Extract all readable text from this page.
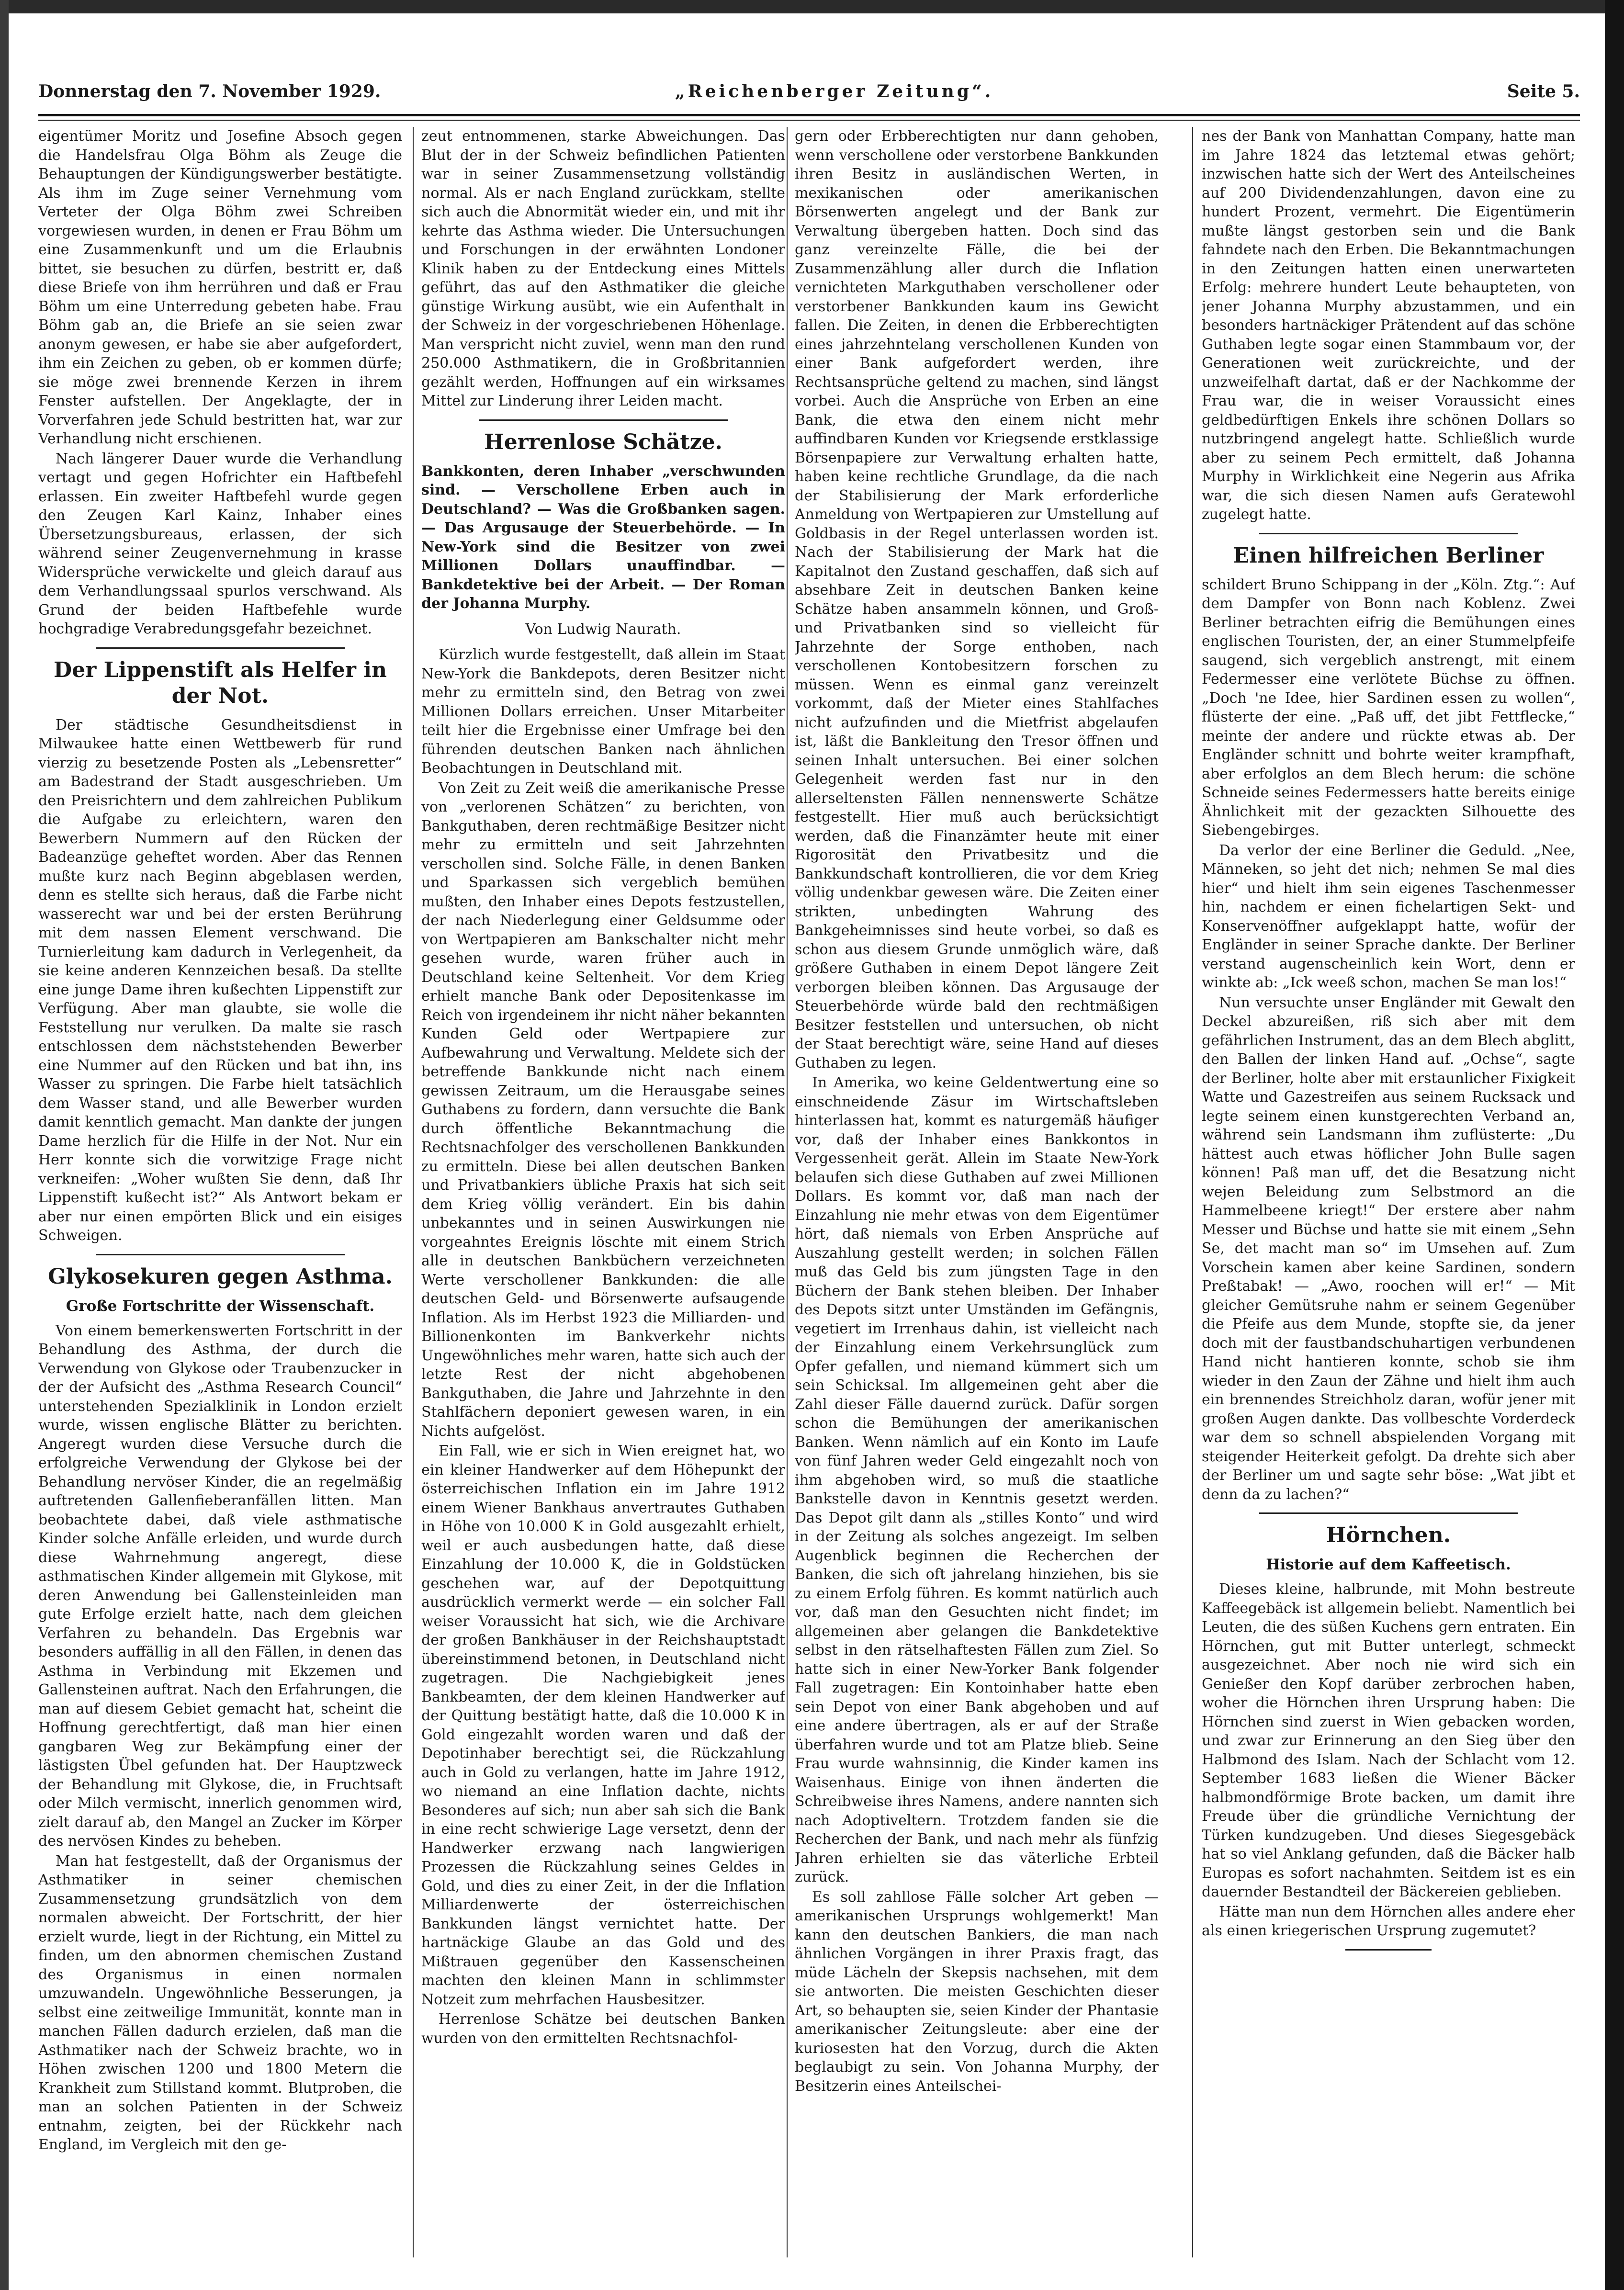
Donnerstag den 7. November 1929.	„Reichenberger Zeitung“.	Seite 5.

eigentümer Moritz und Josefine Absoch gegen die Handelsfrau Olga Böhm als Zeuge die Behauptungen der Kündigungswerber bestätigte. Als ihm im Zuge seiner Vernehmung vom Verteter der Olga Böhm zwei Schreiben vorgewiesen wurden, in denen er Frau Böhm um eine Zusammenkunft und um die Erlaubnis bittet, sie besuchen zu dürfen, bestritt er, daß diese Briefe von ihm herrühren und daß er Frau Böhm um eine Unterredung gebeten habe. Frau Böhm gab an, die Briefe an sie seien zwar anonym gewesen, er habe sie aber aufgefordert, ihm ein Zeichen zu geben, ob er kommen dürfe; sie möge zwei brennende Kerzen in ihrem Fenster aufstellen. Der Angeklagte, der in Vorverfahren jede Schuld bestritten hat, war zur Verhandlung nicht erschienen.

Nach längerer Dauer wurde die Verhandlung vertagt und gegen Hofrichter ein Haftbefehl erlassen. Ein zweiter Haftbefehl wurde gegen den Zeugen Karl Kainz, Inhaber eines Übersetzungsbureaus, erlassen, der sich während seiner Zeugenvernehmung in krasse Widersprüche verwickelte und gleich darauf aus dem Verhandlungssaal spurlos verschwand. Als Grund der beiden Haftbefehle wurde hochgradige Verabredungsgefahr bezeichnet.

Der Lippenstift als Helfer in der Not.

Der städtische Gesundheitsdienst in Milwaukee hatte einen Wettbewerb für rund vierzig zu besetzende Posten als „Lebensretter“ am Badestrand der Stadt ausgeschrieben. Um den Preisrichtern und dem zahlreichen Publikum die Aufgabe zu erleichtern, waren den Bewerbern Nummern auf den Rücken der Badeanzüge geheftet worden. Aber das Rennen mußte kurz nach Beginn abgeblasen werden, denn es stellte sich heraus, daß die Farbe nicht wasserecht war und bei der ersten Berührung mit dem nassen Element verschwand. Die Turnierleitung kam dadurch in Verlegenheit, da sie keine anderen Kennzeichen besaß. Da stellte eine junge Dame ihren kußechten Lippenstift zur Verfügung. Aber man glaubte, sie wolle die Feststellung nur verulken. Da malte sie rasch entschlossen dem nächststehenden Bewerber eine Nummer auf den Rücken und bat ihn, ins Wasser zu springen. Die Farbe hielt tatsächlich dem Wasser stand, und alle Bewerber wurden damit kenntlich gemacht. Man dankte der jungen Dame herzlich für die Hilfe in der Not. Nur ein Herr konnte sich die vorwitzige Frage nicht verkneifen: „Woher wußten Sie denn, daß Ihr Lippenstift kußecht ist?“ Als Antwort bekam er aber nur einen empörten Blick und ein eisiges Schweigen.

Glykosekuren gegen Asthma.
Große Fortschritte der Wissenschaft.

Von einem bemerkenswerten Fortschritt in der Behandlung des Asthma, der durch die Verwendung von Glykose oder Traubenzucker in der der Aufsicht des „Asthma Research Council“ unterstehenden Spezialklinik in London erzielt wurde, wissen englische Blätter zu berichten. Angeregt wurden diese Versuche durch die erfolgreiche Verwendung der Glykose bei der Behandlung nervöser Kinder, die an regelmäßig auftretenden Gallenfieberanfällen litten. Man beobachtete dabei, daß viele asthmatische Kinder solche Anfälle erleiden, und wurde durch diese Wahrnehmung angeregt, diese asthmatischen Kinder allgemein mit Glykose, mit deren Anwendung bei Gallensteinleiden man gute Erfolge erzielt hatte, nach dem gleichen Verfahren zu behandeln. Das Ergebnis war besonders auffällig in all den Fällen, in denen das Asthma in Verbindung mit Ekzemen und Gallensteinen auftrat. Nach den Erfahrungen, die man auf diesem Gebiet gemacht hat, scheint die Hoffnung gerechtfertigt, daß man hier einen gangbaren Weg zur Bekämpfung einer der lästigsten Übel gefunden hat. Der Hauptzweck der Behandlung mit Glykose, die, in Fruchtsaft oder Milch vermischt, innerlich genommen wird, zielt darauf ab, den Mangel an Zucker im Körper des nervösen Kindes zu beheben.

Man hat festgestellt, daß der Organismus der Asthmatiker in seiner chemischen Zusammensetzung grundsätzlich von dem normalen abweicht. Der Fortschritt, der hier erzielt wurde, liegt in der Richtung, ein Mittel zu finden, um den abnormen chemischen Zustand des Organismus in einen normalen umzuwandeln. Ungewöhnliche Besserungen, ja selbst eine zeitweilige Immunität, konnte man in manchen Fällen dadurch erzielen, daß man die Asthmatiker nach der Schweiz brachte, wo in Höhen zwischen 1200 und 1800 Metern die Krankheit zum Stillstand kommt. Blutproben, die man an solchen Patienten in der Schweiz entnahm, zeigten, bei der Rückkehr nach England, im Vergleich mit den ge-

zeut entnommenen, starke Abweichungen. Das Blut der in der Schweiz befindlichen Patienten war in seiner Zusammensetzung vollständig normal. Als er nach England zurückkam, stellte sich auch die Abnormität wieder ein, und mit ihr kehrte das Asthma wieder. Die Untersuchungen und Forschungen in der erwähnten Londoner Klinik haben zu der Entdeckung eines Mittels geführt, das auf den Asthmatiker die gleiche günstige Wirkung ausübt, wie ein Aufenthalt in der Schweiz in der vorgeschriebenen Höhenlage. Man verspricht nicht zuviel, wenn man den rund 250.000 Asthmatikern, die in Großbritannien gezählt werden, Hoffnungen auf ein wirksames Mittel zur Linderung ihrer Leiden macht.

Herrenlose Schätze.

Bankkonten, deren Inhaber „verschwunden sind. — Verschollene Erben auch in Deutschland? — Was die Großbanken sagen. — Das Argusauge der Steuerbehörde. — In New-York sind die Besitzer von zwei Millionen Dollars unauffindbar. — Bankdetektive bei der Arbeit. — Der Roman der Johanna Murphy.

Von Ludwig Naurath.

Kürzlich wurde festgestellt, daß allein im Staat New-York die Bankdepots, deren Besitzer nicht mehr zu ermitteln sind, den Betrag von zwei Millionen Dollars erreichen. Unser Mitarbeiter teilt hier die Ergebnisse einer Umfrage bei den führenden deutschen Banken nach ähnlichen Beobachtungen in Deutschland mit.

Von Zeit zu Zeit weiß die amerikanische Presse von „verlorenen Schätzen“ zu berichten, von Bankguthaben, deren rechtmäßige Besitzer nicht mehr zu ermitteln und seit Jahrzehnten verschollen sind. Solche Fälle, in denen Banken und Sparkassen sich vergeblich bemühen mußten, den Inhaber eines Depots festzustellen, der nach Niederlegung einer Geldsumme oder von Wertpapieren am Bankschalter nicht mehr gesehen wurde, waren früher auch in Deutschland keine Seltenheit. Vor dem Krieg erhielt manche Bank oder Depositenkasse im Reich von irgendeinem ihr nicht näher bekannten Kunden Geld oder Wertpapiere zur Aufbewahrung und Verwaltung. Meldete sich der betreffende Bankkunde nicht nach einem gewissen Zeitraum, um die Herausgabe seines Guthabens zu fordern, dann versuchte die Bank durch öffentliche Bekanntmachung die Rechtsnachfolger des verschollenen Bankkunden zu ermitteln. Diese bei allen deutschen Banken und Privatbankiers übliche Praxis hat sich seit dem Krieg völlig verändert. Ein bis dahin unbekanntes und in seinen Auswirkungen nie vorgeahntes Ereignis löschte mit einem Strich alle in deutschen Bankbüchern verzeichneten Werte verschollener Bankkunden: die alle deutschen Geld- und Börsenwerte aufsaugende Inflation. Als im Herbst 1923 die Milliarden- und Billionenkonten im Bankverkehr nichts Ungewöhnliches mehr waren, hatte sich auch der letzte Rest der nicht abgehobenen Bankguthaben, die Jahre und Jahrzehnte in den Stahlfächern deponiert gewesen waren, in ein Nichts aufgelöst.

Ein Fall, wie er sich in Wien ereignet hat, wo ein kleiner Handwerker auf dem Höhepunkt der österreichischen Inflation ein im Jahre 1912 einem Wiener Bankhaus anvertrautes Guthaben in Höhe von 10.000 K in Gold ausgezahlt erhielt, weil er auch ausbedungen hatte, daß diese Einzahlung der 10.000 K, die in Goldstücken geschehen war, auf der Depotquittung ausdrücklich vermerkt werde — ein solcher Fall weiser Voraussicht hat sich, wie die Archivare der großen Bankhäuser in der Reichshauptstadt übereinstimmend betonen, in Deutschland nicht zugetragen. Die Nachgiebigkeit jenes Bankbeamten, der dem kleinen Handwerker auf der Quittung bestätigt hatte, daß die 10.000 K in Gold eingezahlt worden waren und daß der Depotinhaber berechtigt sei, die Rückzahlung auch in Gold zu verlangen, hatte im Jahre 1912, wo niemand an eine Inflation dachte, nichts Besonderes auf sich; nun aber sah sich die Bank in eine recht schwierige Lage versetzt, denn der Handwerker erzwang nach langwierigen Prozessen die Rückzahlung seines Geldes in Gold, und dies zu einer Zeit, in der die Inflation Milliardenwerte der österreichischen Bankkunden längst vernichtet hatte. Der hartnäckige Glaube an das Gold und des Mißtrauen gegenüber den Kassenscheinen machten den kleinen Mann in schlimmster Notzeit zum mehrfachen Hausbesitzer.

Herrenlose Schätze bei deutschen Banken wurden von den ermittelten Rechtsnachfol-

gern oder Erbberechtigten nur dann gehoben, wenn verschollene oder verstorbene Bankkunden ihren Besitz in ausländischen Werten, in mexikanischen oder amerikanischen Börsenwerten angelegt und der Bank zur Verwaltung übergeben hatten. Doch sind das ganz vereinzelte Fälle, die bei der Zusammenzählung aller durch die Inflation vernichteten Markguthaben verschollener oder verstorbener Bankkunden kaum ins Gewicht fallen. Die Zeiten, in denen die Erbberechtigten eines jahrzehntelang verschollenen Kunden von einer Bank aufgefordert werden, ihre Rechtsansprüche geltend zu machen, sind längst vorbei. Auch die Ansprüche von Erben an eine Bank, die etwa den einem nicht mehr auffindbaren Kunden vor Kriegsende erstklassige Börsenpapiere zur Verwaltung erhalten hatte, haben keine rechtliche Grundlage, da die nach der Stabilisierung der Mark erforderliche Anmeldung von Wertpapieren zur Umstellung auf Goldbasis in der Regel unterlassen worden ist. Nach der Stabilisierung der Mark hat die Kapitalnot den Zustand geschaffen, daß sich auf absehbare Zeit in deutschen Banken keine Schätze haben ansammeln können, und Groß- und Privatbanken sind so vielleicht für Jahrzehnte der Sorge enthoben, nach verschollenen Kontobesitzern forschen zu müssen. Wenn es einmal ganz vereinzelt vorkommt, daß der Mieter eines Stahlfaches nicht aufzufinden und die Mietfrist abgelaufen ist, läßt die Bankleitung den Tresor öffnen und seinen Inhalt untersuchen. Bei einer solchen Gelegenheit werden fast nur in den allerseltensten Fällen nennenswerte Schätze festgestellt. Hier muß auch berücksichtigt werden, daß die Finanzämter heute mit einer Rigorosität den Privatbesitz und die Bankkundschaft kontrollieren, die vor dem Krieg völlig undenkbar gewesen wäre. Die Zeiten einer strikten, unbedingten Wahrung des Bankgeheimnisses sind heute vorbei, so daß es schon aus diesem Grunde unmöglich wäre, daß größere Guthaben in einem Depot längere Zeit verborgen bleiben können. Das Argusauge der Steuerbehörde würde bald den rechtmäßigen Besitzer feststellen und untersuchen, ob nicht der Staat berechtigt wäre, seine Hand auf dieses Guthaben zu legen.

In Amerika, wo keine Geldentwertung eine so einschneidende Zäsur im Wirtschaftsleben hinterlassen hat, kommt es naturgemäß häufiger vor, daß der Inhaber eines Bankkontos in Vergessenheit gerät. Allein im Staate New-York belaufen sich diese Guthaben auf zwei Millionen Dollars. Es kommt vor, daß man nach der Einzahlung nie mehr etwas von dem Eigentümer hört, daß niemals von Erben Ansprüche auf Auszahlung gestellt werden; in solchen Fällen muß das Geld bis zum jüngsten Tage in den Büchern der Bank stehen bleiben. Der Inhaber des Depots sitzt unter Umständen im Gefängnis, vegetiert im Irrenhaus dahin, ist vielleicht nach der Einzahlung einem Verkehrsunglück zum Opfer gefallen, und niemand kümmert sich um sein Schicksal. Im allgemeinen geht aber die Zahl dieser Fälle dauernd zurück. Dafür sorgen schon die Bemühungen der amerikanischen Banken. Wenn nämlich auf ein Konto im Laufe von fünf Jahren weder Geld eingezahlt noch von ihm abgehoben wird, so muß die staatliche Bankstelle davon in Kenntnis gesetzt werden. Das Depot gilt dann als „stilles Konto“ und wird in der Zeitung als solches angezeigt. Im selben Augenblick beginnen die Recherchen der Banken, die sich oft jahrelang hinziehen, bis sie zu einem Erfolg führen. Es kommt natürlich auch vor, daß man den Gesuchten nicht findet; im allgemeinen aber gelangen die Bankdetektive selbst in den rätselhaftesten Fällen zum Ziel. So hatte sich in einer New-Yorker Bank folgender Fall zugetragen: Ein Kontoinhaber hatte eben sein Depot von einer Bank abgehoben und auf eine andere übertragen, als er auf der Straße überfahren wurde und tot am Platze blieb. Seine Frau wurde wahnsinnig, die Kinder kamen ins Waisenhaus. Einige von ihnen änderten die Schreibweise ihres Namens, andere nannten sich nach Adoptiveltern. Trotzdem fanden sie die Recherchen der Bank, und nach mehr als fünfzig Jahren erhielten sie das väterliche Erbteil zurück.

Es soll zahllose Fälle solcher Art geben — amerikanischen Ursprungs wohlgemerkt! Man kann den deutschen Bankiers, die man nach ähnlichen Vorgängen in ihrer Praxis fragt, das müde Lächeln der Skepsis nachsehen, mit dem sie antworten. Die meisten Geschichten dieser Art, so behaupten sie, seien Kinder der Phantasie amerikanischer Zeitungsleute: aber eine der kuriosesten hat den Vorzug, durch die Akten beglaubigt zu sein. Von Johanna Murphy, der Besitzerin eines Anteilschei-

nes der Bank von Manhattan Company, hatte man im Jahre 1824 das letztemal etwas gehört; inzwischen hatte sich der Wert des Anteilscheines auf 200 Dividendenzahlungen, davon eine zu hundert Prozent, vermehrt. Die Eigentümerin mußte längst gestorben sein und die Bank fahndete nach den Erben. Die Bekanntmachungen in den Zeitungen hatten einen unerwarteten Erfolg: mehrere hundert Leute behaupteten, von jener Johanna Murphy abzustammen, und ein besonders hartnäckiger Prätendent auf das schöne Guthaben legte sogar einen Stammbaum vor, der Generationen weit zurückreichte, und der unzweifelhaft dartat, daß er der Nachkomme der Frau war, die in weiser Voraussicht eines geldbedürftigen Enkels ihre schönen Dollars so nutzbringend angelegt hatte. Schließlich wurde aber zu seinem Pech ermittelt, daß Johanna Murphy in Wirklichkeit eine Negerin aus Afrika war, die sich diesen Namen aufs Geratewohl zugelegt hatte.

Einen hilfreichen Berliner

schildert Bruno Schippang in der „Köln. Ztg.“: Auf dem Dampfer von Bonn nach Koblenz. Zwei Berliner betrachten eifrig die Bemühungen eines englischen Touristen, der, an einer Stummelpfeife saugend, sich vergeblich anstrengt, mit einem Federmesser eine verlötete Büchse zu öffnen. „Doch 'ne Idee, hier Sardinen essen zu wollen“, flüsterte der eine. „Paß uff, det jibt Fettflecke,“ meinte der andere und rückte etwas ab. Der Engländer schnitt und bohrte weiter krampfhaft, aber erfolglos an dem Blech herum: die schöne Schneide seines Federmessers hatte bereits einige Ähnlichkeit mit der gezackten Silhouette des Siebengebirges.

Da verlor der eine Berliner die Geduld. „Nee, Männeken, so jeht det nich; nehmen Se mal dies hier“ und hielt ihm sein eigenes Taschenmesser hin, nachdem er einen fichelartigen Sekt- und Konservenöffner aufgeklappt hatte, wofür der Engländer in seiner Sprache dankte. Der Berliner verstand augenscheinlich kein Wort, denn er winkte ab: „Ick weeß schon, machen Se man los!“

Nun versuchte unser Engländer mit Gewalt den Deckel abzureißen, riß sich aber mit dem gefährlichen Instrument, das an dem Blech abglitt, den Ballen der linken Hand auf. „Ochse“, sagte der Berliner, holte aber mit erstaunlicher Fixigkeit Watte und Gazestreifen aus seinem Rucksack und legte seinem einen kunstgerechten Verband an, während sein Landsmann ihm zuflüsterte: „Du hättest auch etwas höflicher John Bulle sagen können! Paß man uff, det die Besatzung nicht wejen Beleidung zum Selbstmord an die Hammelbeene kriegt!“ Der erstere aber nahm Messer und Büchse und hatte sie mit einem „Sehn Se, det macht man so“ im Umsehen auf. Zum Vorschein kamen aber keine Sardinen, sondern Preßtabak! — „Awo, roochen will er!“ — Mit gleicher Gemütsruhe nahm er seinem Gegenüber die Pfeife aus dem Munde, stopfte sie, da jener doch mit der faustbandschuhartigen verbundenen Hand nicht hantieren konnte, schob sie ihm wieder in den Zaun der Zähne und hielt ihm auch ein brennendes Streichholz daran, wofür jener mit großen Augen dankte. Das vollbeschte Vorderdeck war dem so schnell abspielenden Vorgang mit steigender Heiterkeit gefolgt. Da drehte sich aber der Berliner um und sagte sehr böse: „Wat jibt et denn da zu lachen?“

Hörnchen.
Historie auf dem Kaffeetisch.

Dieses kleine, halbrunde, mit Mohn bestreute Kaffeegebäck ist allgemein beliebt. Namentlich bei Leuten, die des süßen Kuchens gern entraten. Ein Hörnchen, gut mit Butter unterlegt, schmeckt ausgezeichnet. Aber noch nie wird sich ein Genießer den Kopf darüber zerbrochen haben, woher die Hörnchen ihren Ursprung haben: Die Hörnchen sind zuerst in Wien gebacken worden, und zwar zur Erinnerung an den Sieg über den Halbmond des Islam. Nach der Schlacht vom 12. September 1683 ließen die Wiener Bäcker halbmondförmige Brote backen, um damit ihre Freude über die gründliche Vernichtung der Türken kundzugeben. Und dieses Siegesgebäck hat so viel Anklang gefunden, daß die Bäcker halb Europas es sofort nachahmten. Seitdem ist es ein dauernder Bestandteil der Bäckereien geblieben.

Hätte man nun dem Hörnchen alles andere eher als einen kriegerischen Ursprung zugemutet?
